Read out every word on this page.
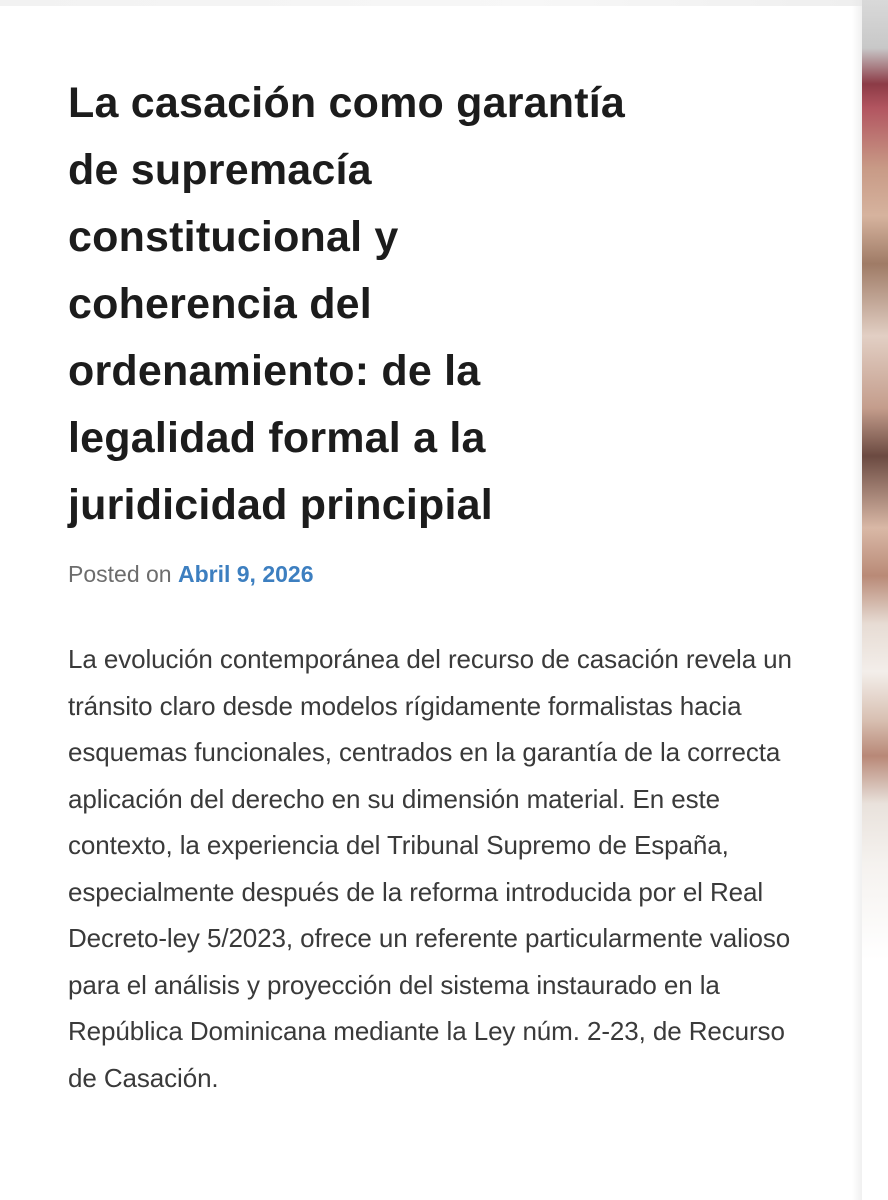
La casación como garantía de supremacía constitucional y coherencia del ordenamiento: de la legalidad formal a la juridicidad principial
Posted on Abril 9, 2026

La evolución contemporánea del recurso de casación revela un tránsito claro desde modelos rígidamente formalistas hacia esquemas funcionales, centrados en la garantía de la correcta aplicación del derecho en su dimensión material. En este contexto, la experiencia del Tribunal Supremo de España, especialmente después de la reforma introducida por el Real Decreto-ley 5/2023, ofrece un referente particularmente valioso para el análisis y proyección del sistema instaurado en la República Dominicana mediante la Ley núm. 2-23, de Recurso de Casación.
